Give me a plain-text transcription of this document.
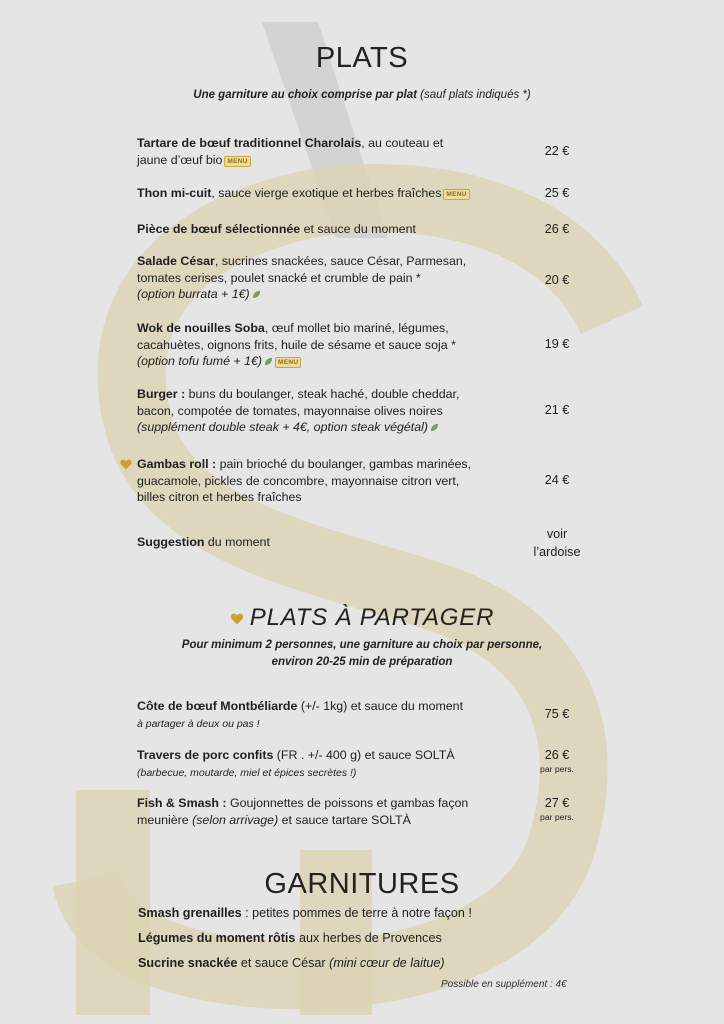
PLATS
Une garniture au choix comprise par plat (sauf plats indiqués *)
Tartare de bœuf traditionnel Charolais, au couteau et
jaune d’œuf bio MENU
22 €
Thon mi-cuit, sauce vierge exotique et herbes fraîches MENU	25 €
Pièce de bœuf sélectionnée et sauce du moment	26 €
Salade César, sucrines snackées, sauce César, Parmesan,
tomates cerises, poulet snacké et crumble de pain *
(option burrata + 1€)
20 €
Wok de nouilles Soba, œuf mollet bio mariné, légumes,
cacahuètes, oignons frits, huile de sésame et sauce soja *
(option tofu fumé + 1€) MENU
19 €
Burger : buns du boulanger, steak haché, double cheddar,
bacon, compotée de tomates, mayonnaise olives noires
(supplément double steak + 4€, option steak végétal)
21 €
Gambas roll : pain brioché du boulanger, gambas marinées,
guacamole, pickles de concombre, mayonnaise citron vert,
billes citron et herbes fraîches
24 €
Suggestion du moment
voir
l’ardoise
PLATS À PARTAGER
Pour minimum 2 personnes, une garniture au choix par personne,
environ 20-25 min de préparation
Côte de bœuf Montbéliarde (+/- 1kg) et sauce du moment
à partager à deux ou pas !
75 €
Travers de porc confits (FR . +/- 400 g) et sauce SOLTÀ
(barbecue, moutarde, miel et épices secrètes !)
26 €
par pers.
Fish & Smash : Goujonnettes de poissons et gambas façon
meunière (selon arrivage) et sauce tartare SOLTÀ
27 €
par pers.
GARNITURES
Smash grenailles : petites pommes de terre à notre façon !
Légumes du moment rôtis aux herbes de Provences
Sucrine snackée et sauce César (mini cœur de laitue)
Possible en supplément : 4€
